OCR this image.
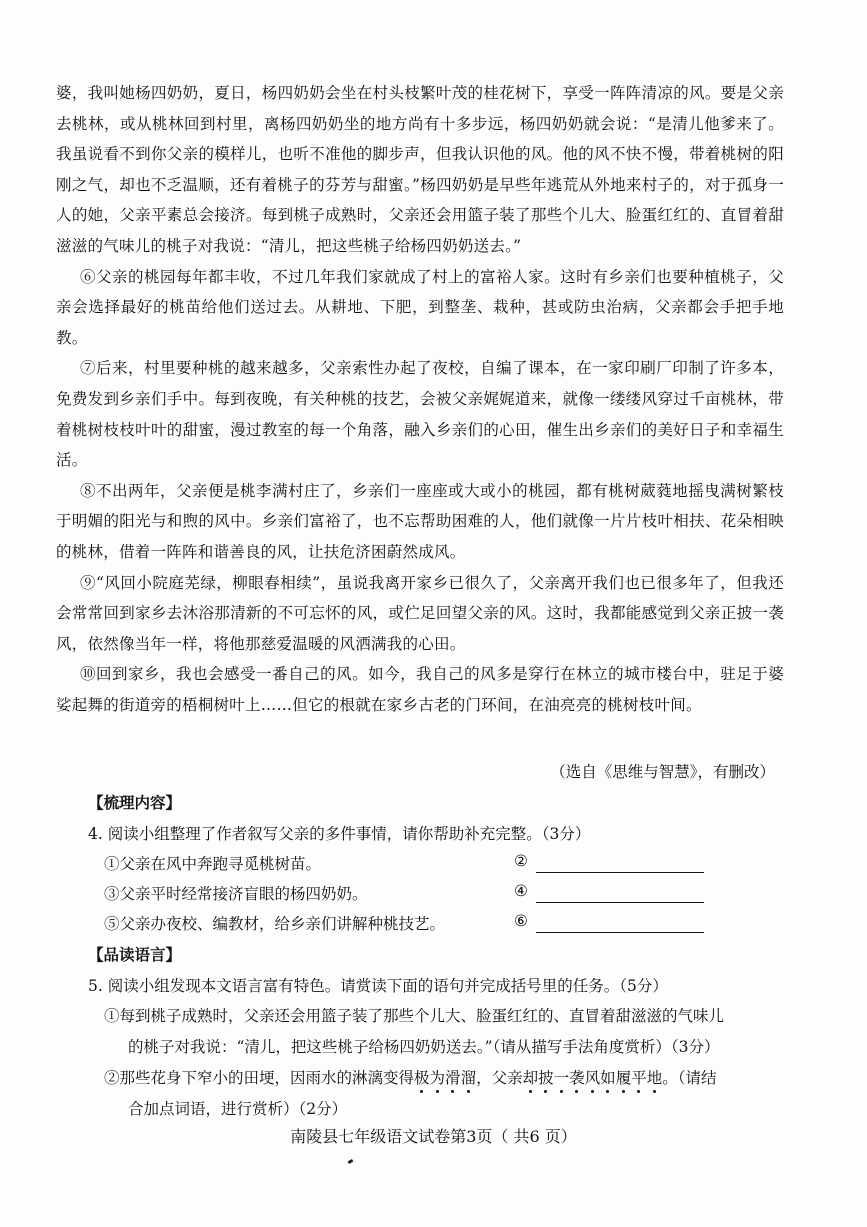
婆，我叫她杨四奶奶，夏日，杨四奶奶会坐在村头枝繁叶茂的桂花树下，享受一阵阵清凉的风。要是父亲去桃林，或从桃林回到村里，离杨四奶奶坐的地方尚有十多步远，杨四奶奶就会说：“是清儿他爹来了。我虽说看不到你父亲的模样儿，也听不准他的脚步声，但我认识他的风。他的风不快不慢，带着桃树的阳刚之气，却也不乏温顺，还有着桃子的芬芳与甜蜜。”杨四奶奶是早些年逃荒从外地来村子的，对于孤身一人的她，父亲平素总会接济。每到桃子成熟时，父亲还会用篮子装了那些个儿大、脸蛋红红的、直冒着甜滋滋的气味儿的桃子对我说：“清儿，把这些桃子给杨四奶奶送去。”

⑥父亲的桃园每年都丰收，不过几年我们家就成了村上的富裕人家。这时有乡亲们也要种植桃子，父亲会选择最好的桃苗给他们送过去。从耕地、下肥，到整垄、栽种，甚或防虫治病，父亲都会手把手地教。

⑦后来，村里要种桃的越来越多，父亲索性办起了夜校，自编了课本，在一家印刷厂印制了许多本，免费发到乡亲们手中。每到夜晚，有关种桃的技艺，会被父亲娓娓道来，就像一缕缕风穿过千亩桃林，带着桃树枝枝叶叶的甜蜜，漫过教室的每一个角落，融入乡亲们的心田，催生出乡亲们的美好日子和幸福生活。

⑧不出两年，父亲便是桃李满村庄了，乡亲们一座座或大或小的桃园，都有桃树葳蕤地摇曳满树繁枝于明媚的阳光与和煦的风中。乡亲们富裕了，也不忘帮助困难的人，他们就像一片片枝叶相扶、花朵相映的桃林，借着一阵阵和谐善良的风，让扶危济困蔚然成风。

⑨“风回小院庭芜绿，柳眼春相续”，虽说我离开家乡已很久了，父亲离开我们也已很多年了，但我还会常常回到家乡去沐浴那清新的不可忘怀的风，或伫足回望父亲的风。这时，我都能感觉到父亲正披一袭风，依然像当年一样，将他那慈爱温暖的风洒满我的心田。

⑩回到家乡，我也会感受一番自己的风。如今，我自己的风多是穿行在林立的城市楼台中，驻足于婆娑起舞的街道旁的梧桐树叶上……但它的根就在家乡古老的门环间，在油亮亮的桃树枝叶间。

（选自《思维与智慧》，有删改）
【梳理内容】
4. 阅读小组整理了作者叙写父亲的多件事情，请你帮助补充完整。（3分）
①父亲在风中奔跑寻觅桃树苗。	②
③父亲平时经常接济盲眼的杨四奶奶。	④
⑤父亲办夜校、编教材，给乡亲们讲解种桃技艺。	⑥
【品读语言】
5. 阅读小组发现本文语言富有特色。请赏读下面的语句并完成括号里的任务。（5分）
①每到桃子成熟时，父亲还会用篮子装了那些个儿大、脸蛋红红的、直冒着甜滋滋的气味儿
的桃子对我说：“清儿，把这些桃子给杨四奶奶送去。”（请从描写手法角度赏析）（3分）
②那些花身下窄小的田埂，因雨水的淋漓变得极为滑溜，父亲却披一袭风如履平地。（请结
合加点词语，进行赏析）（2分）
南陵县七年级语文试卷第3页（ 共6 页）
